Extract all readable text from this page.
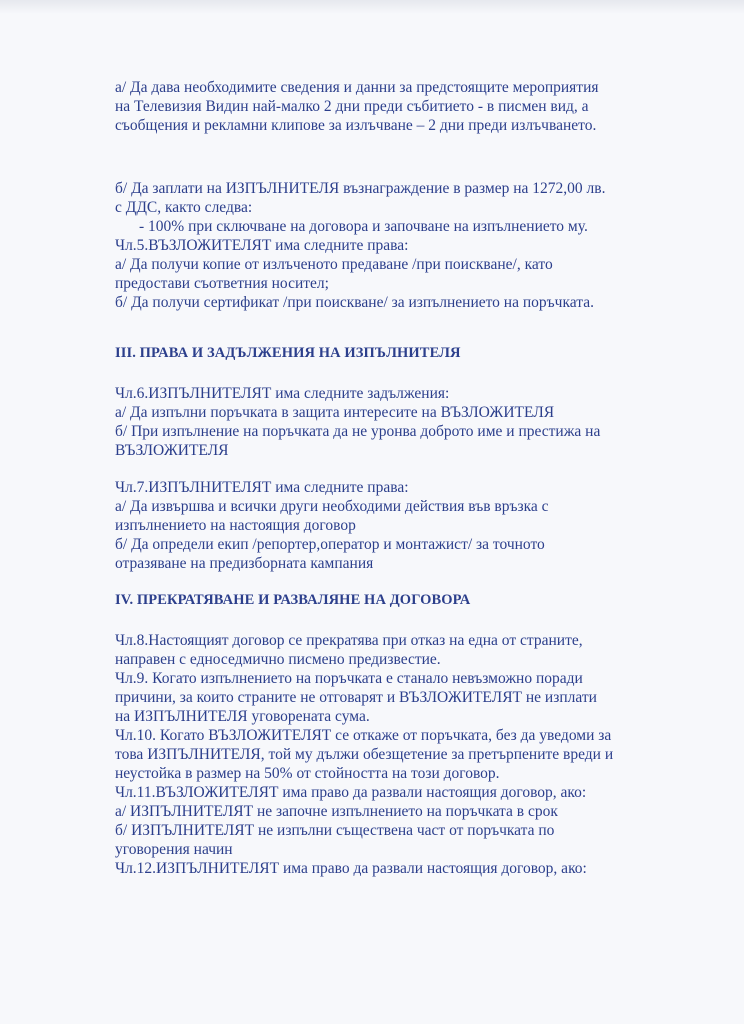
а/ Да дава необходимите сведения и данни за предстоящите мероприятия
на Телевизия Видин най-малко 2 дни преди събитието - в писмен вид, а
съобщения и рекламни клипове за излъчване – 2 дни преди излъчването.
б/ Да заплати на ИЗПЪЛНИТЕЛЯ възнаграждение в размер на 1272,00 лв.
с ДДС, както следва:
- 100% при сключване на договора и започване на изпълнението му.
Чл.5.ВЪЗЛОЖИТЕЛЯТ има следните права:
а/ Да получи копие от излъченото предаване /при поискване/, като
предостави съответния носител;
б/ Да получи сертификат /при поискване/ за изпълнението на поръчката.
III. ПРАВА И ЗАДЪЛЖЕНИЯ НА ИЗПЪЛНИТЕЛЯ
Чл.6.ИЗПЪЛНИТЕЛЯТ има следните задължения:
а/ Да изпълни поръчката в защита интересите на ВЪЗЛОЖИТЕЛЯ
б/ При изпълнение на поръчката да не уронва доброто име и престижа на
ВЪЗЛОЖИТЕЛЯ
Чл.7.ИЗПЪЛНИТЕЛЯТ има следните права:
а/ Да извършва и всички други необходими действия във връзка с
изпълнението на настоящия договор
б/ Да определи екип /репортер,оператор и монтажист/ за точното
отразяване на предизборната кампания
IV. ПРЕКРАТЯВАНЕ И РАЗВАЛЯНЕ НА ДОГОВОРА
Чл.8.Настоящият договор се прекратява при отказ на една от страните,
направен с едноседмично писмено предизвестие.
Чл.9. Когато изпълнението на поръчката е станало невъзможно поради
причини, за които страните не отговарят и ВЪЗЛОЖИТЕЛЯТ не изплати
на ИЗПЪЛНИТЕЛЯ уговорената сума.
Чл.10. Когато ВЪЗЛОЖИТЕЛЯТ се откаже от поръчката, без да уведоми за
това ИЗПЪЛНИТЕЛЯ, той му дължи обезщетение за претърпените вреди и
неустойка в размер на 50% от стойността на този договор.
Чл.11.ВЪЗЛОЖИТЕЛЯТ има право да развали настоящия договор, ако:
а/ ИЗПЪЛНИТЕЛЯТ не започне изпълнението на поръчката в срок
б/ ИЗПЪЛНИТЕЛЯТ не изпълни съществена част от поръчката по
уговорения начин
Чл.12.ИЗПЪЛНИТЕЛЯТ има право да развали настоящия договор, ако:
